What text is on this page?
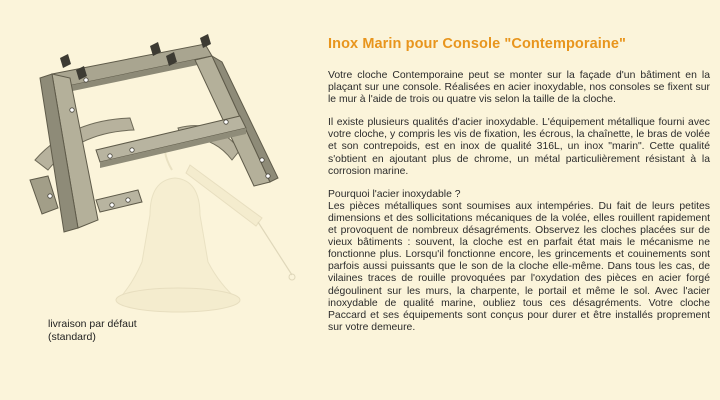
livraison par défaut
(standard)
Inox Marin pour Console "Contemporaine"

Votre cloche Contemporaine peut se monter sur la façade d'un bâtiment en la plaçant sur une console. Réalisées en acier inoxydable, nos consoles se fixent sur le mur à l'aide de trois ou quatre vis selon la taille de la cloche.

Il existe plusieurs qualités d'acier inoxydable. L'équipement métallique fourni avec votre cloche, y compris les vis de fixation, les écrous, la chaînette, le bras de volée et son contrepoids, est en inox de qualité 316L, un inox "marin". Cette qualité s'obtient en ajoutant plus de chrome, un métal particulièrement résistant à la corrosion marine.

Pourquoi l'acier inoxydable ?

Les pièces métalliques sont soumises aux intempéries. Du fait de leurs petites dimensions et des sollicitations mécaniques de la volée, elles rouillent rapidement et provoquent de nombreux désagréments. Observez les cloches placées sur de vieux bâtiments : souvent, la cloche est en parfait état mais le mécanisme ne fonctionne plus. Lorsqu'il fonctionne encore, les grincements et couinements sont parfois aussi puissants que le son de la cloche elle-même. Dans tous les cas, de vilaines traces de rouille provoquées par l'oxydation des pièces en acier forgé dégoulinent sur les murs, la charpente, le portail et même le sol. Avec l'acier inoxydable de qualité marine, oubliez tous ces désagréments. Votre cloche Paccard et ses équipements sont conçus pour durer et être installés proprement sur votre demeure.
